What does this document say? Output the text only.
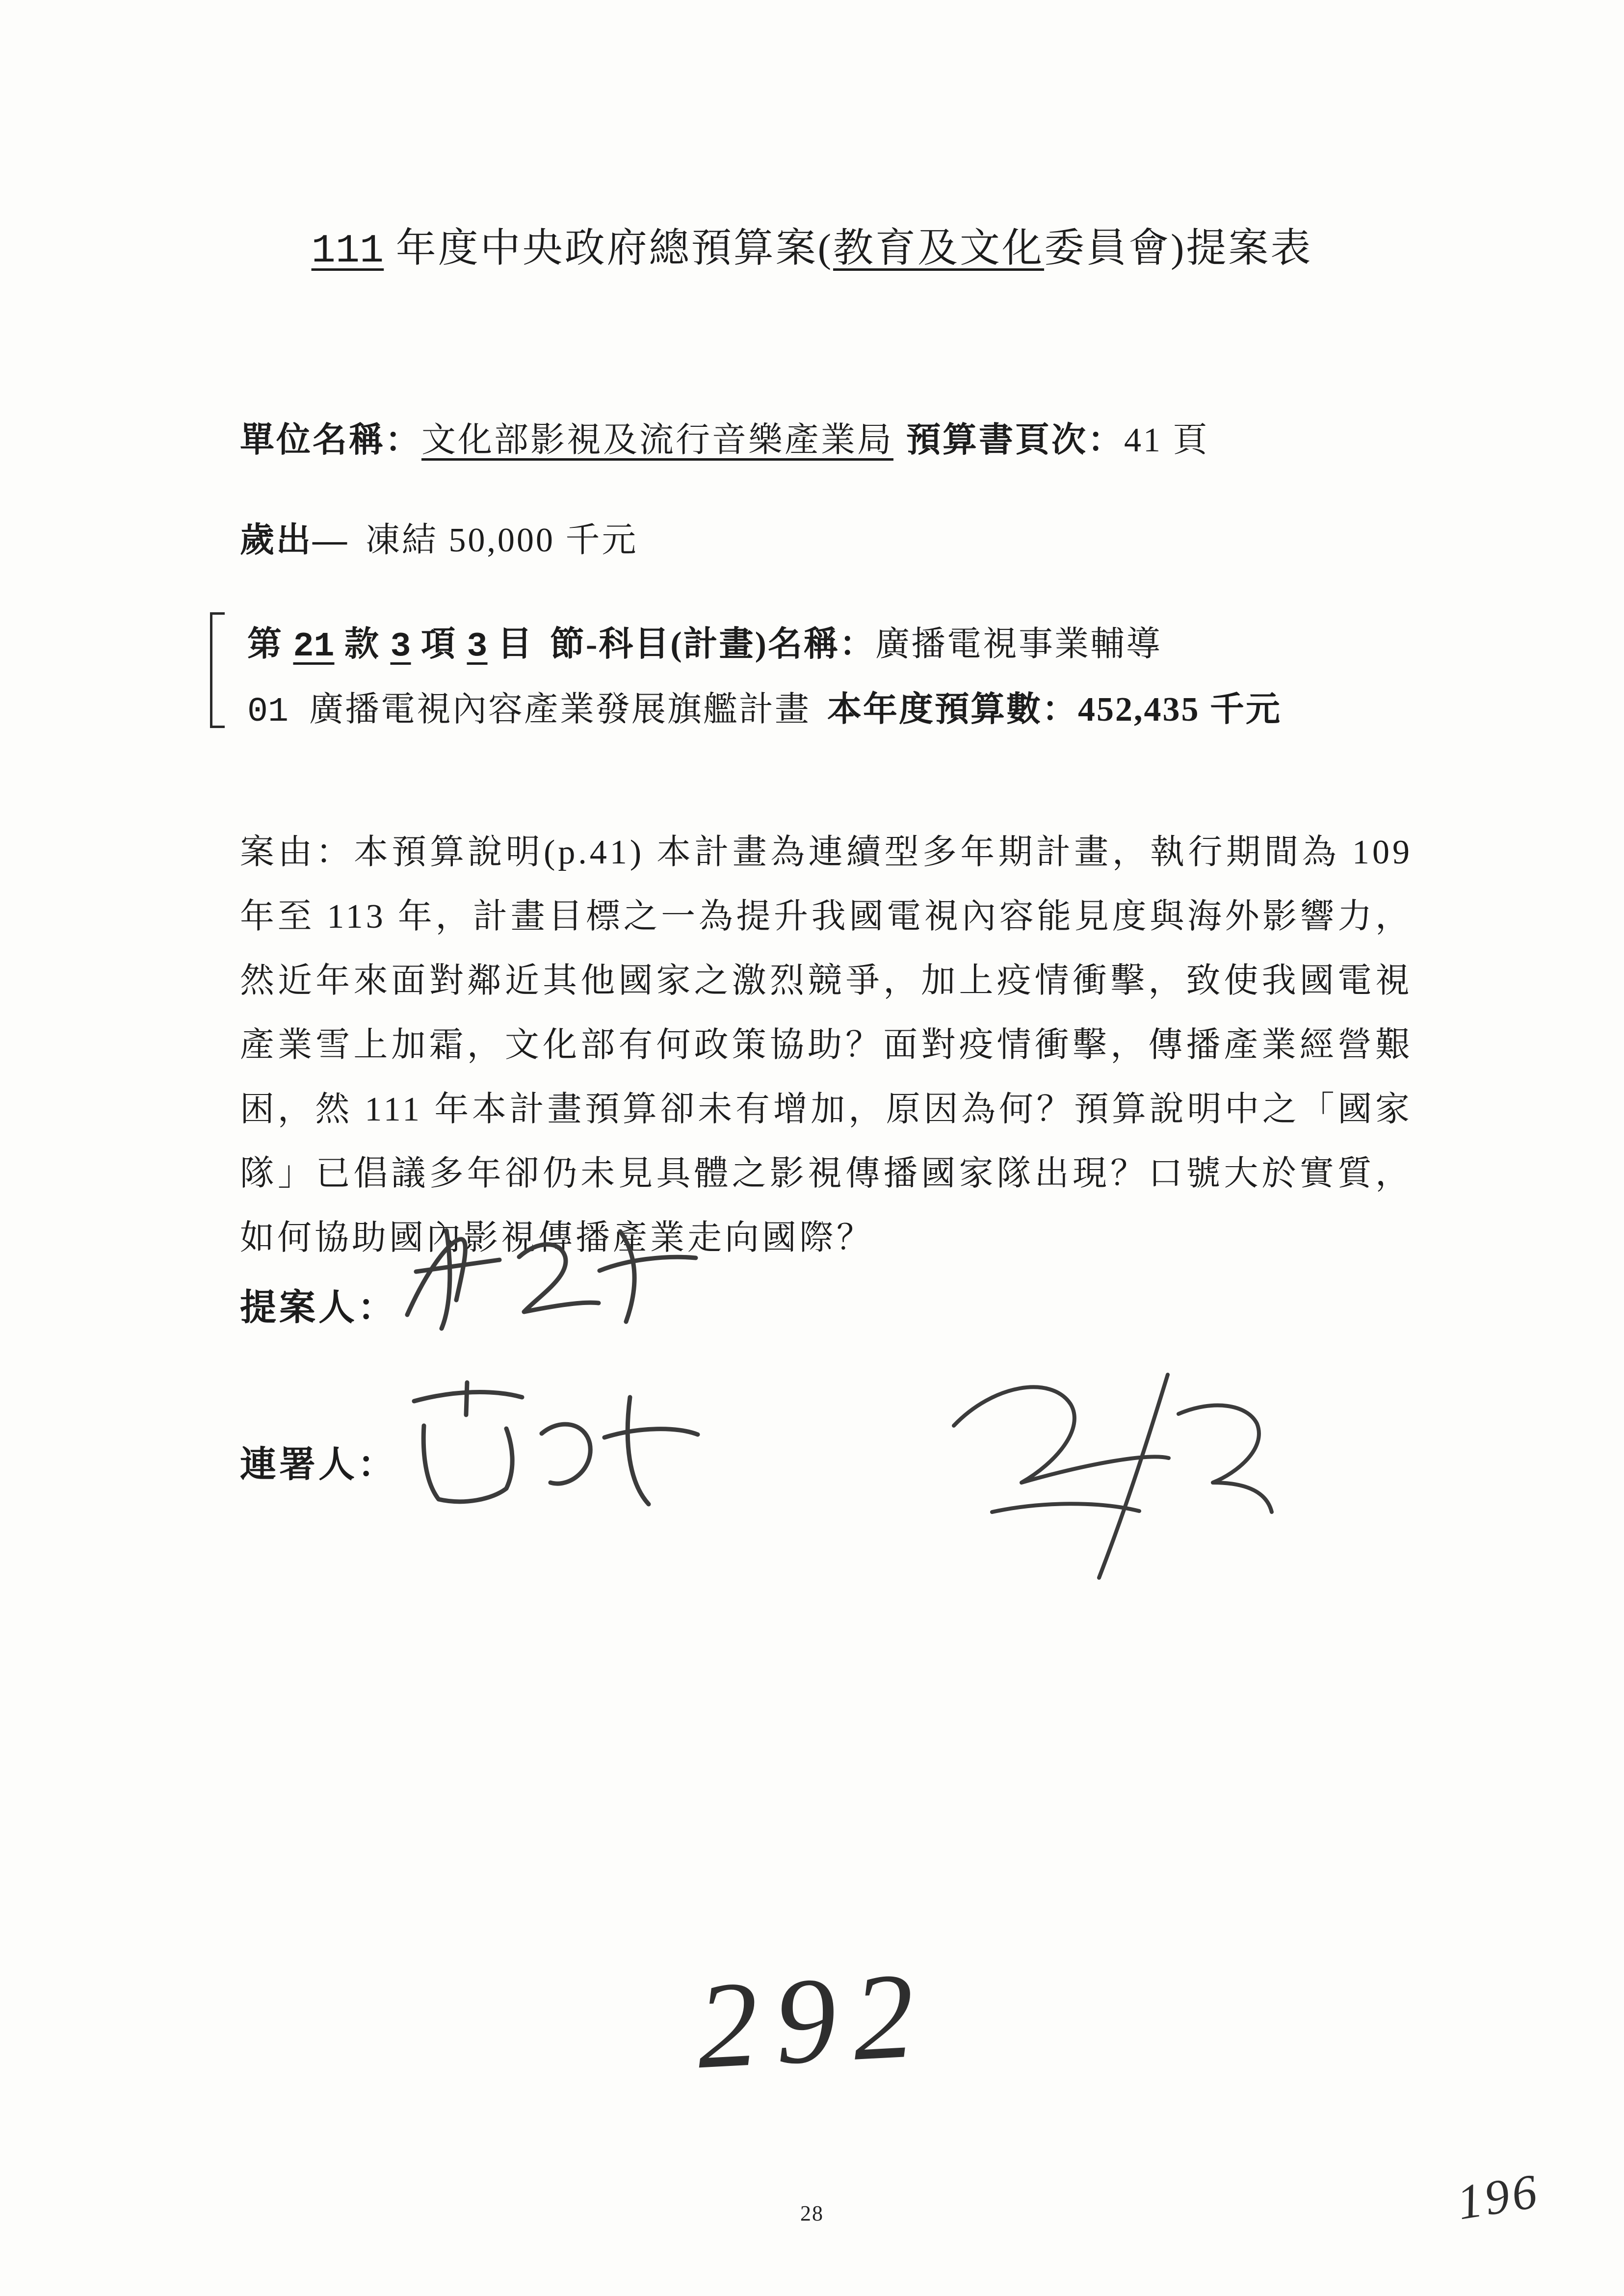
111 年度中央政府總預算案(教育及文化委員會)提案表
單位名稱：文化部影視及流行音樂產業局 預算書頁次：41 頁
歲出— 凍結 50,000 千元
第 21 款 3 項 3 目 節-科目(計畫)名稱：廣播電視事業輔導
01 廣播電視內容產業發展旗艦計畫 本年度預算數：452,435 千元
案由：本預算說明(p.41) 本計畫為連續型多年期計畫，執行期間為 109 年至 113 年，計畫目標之一為提升我國電視內容能見度與海外影響力，然近年來面對鄰近其他國家之激烈競爭，加上疫情衝擊，致使我國電視產業雪上加霜，文化部有何政策協助？面對疫情衝擊，傳播產業經營艱困，然 111 年本計畫預算卻未有增加，原因為何？預算說明中之「國家隊」已倡議多年卻仍未見具體之影視傳播國家隊出現？口號大於實質，如何協助國內影視傳播產業走向國際？
提案人：
連署人：
292
28	196
